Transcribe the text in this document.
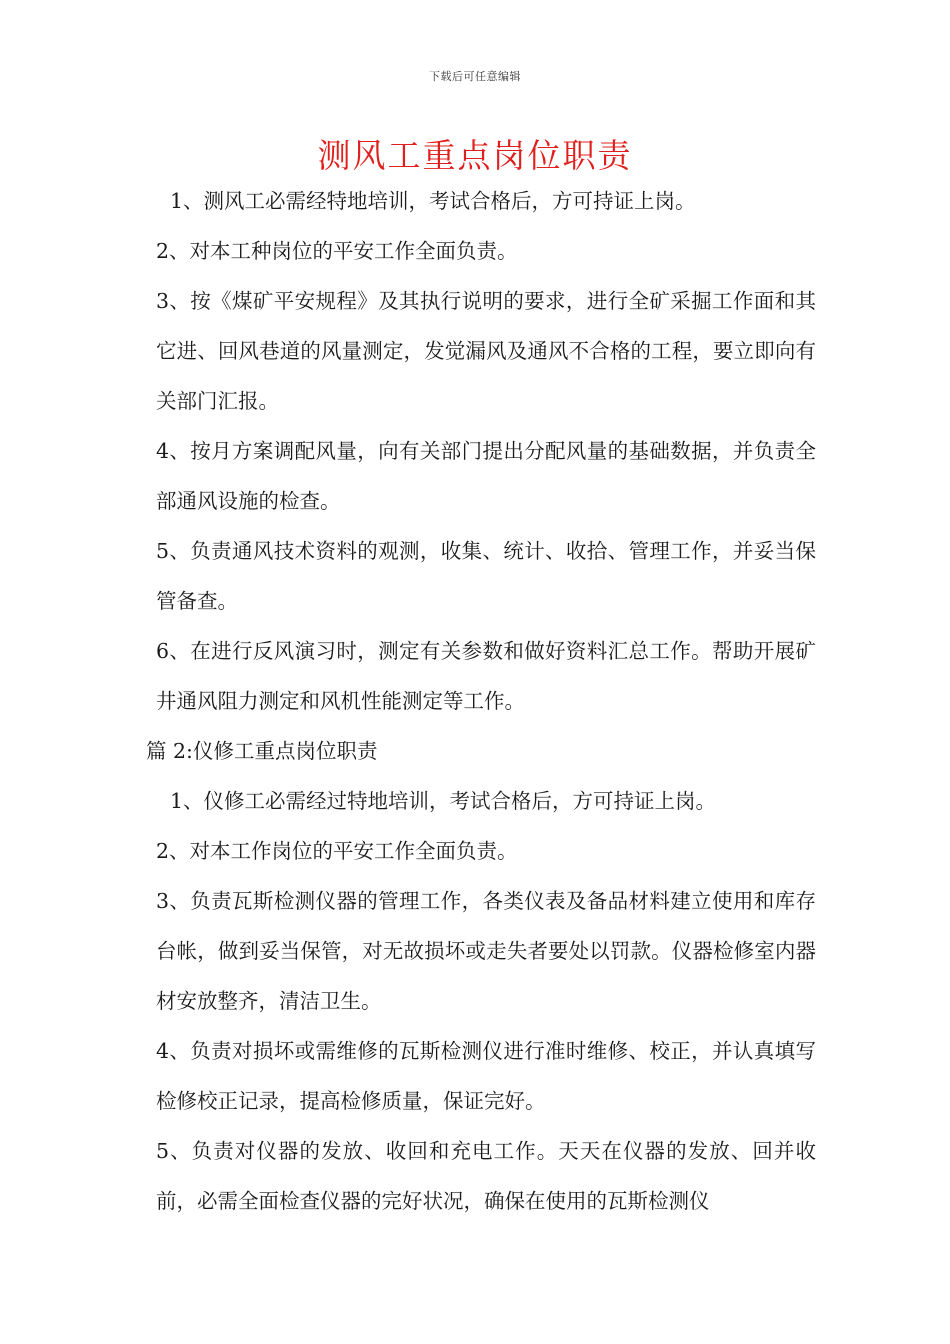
下载后可任意编辑
测风工重点岗位职责

1、测风工必需经特地培训，考试合格后，方可持证上岗。

2、对本工种岗位的平安工作全面负责。

3、按《煤矿平安规程》及其执行说明的要求，进行全矿采掘工作面和其它进、回风巷道的风量测定，发觉漏风及通风不合格的工程，要立即向有关部门汇报。

4、按月方案调配风量，向有关部门提出分配风量的基础数据，并负责全部通风设施的检查。

5、负责通风技术资料的观测，收集、统计、收拾、管理工作，并妥当保管备查。

6、在进行反风演习时，测定有关参数和做好资料汇总工作。帮助开展矿井通风阻力测定和风机性能测定等工作。

篇 2:仪修工重点岗位职责

1、仪修工必需经过特地培训，考试合格后，方可持证上岗。

2、对本工作岗位的平安工作全面负责。

3、负责瓦斯检测仪器的管理工作，各类仪表及备品材料建立使用和库存台帐，做到妥当保管，对无故损坏或走失者要处以罚款。仪器检修室内器材安放整齐，清洁卫生。

4、负责对损坏或需维修的瓦斯检测仪进行准时维修、校正，并认真填写检修校正记录，提高检修质量，保证完好。

5、负责对仪器的发放、收回和充电工作。天天在仪器的发放、回并收前，必需全面检查仪器的完好状况，确保在使用的瓦斯检测仪
